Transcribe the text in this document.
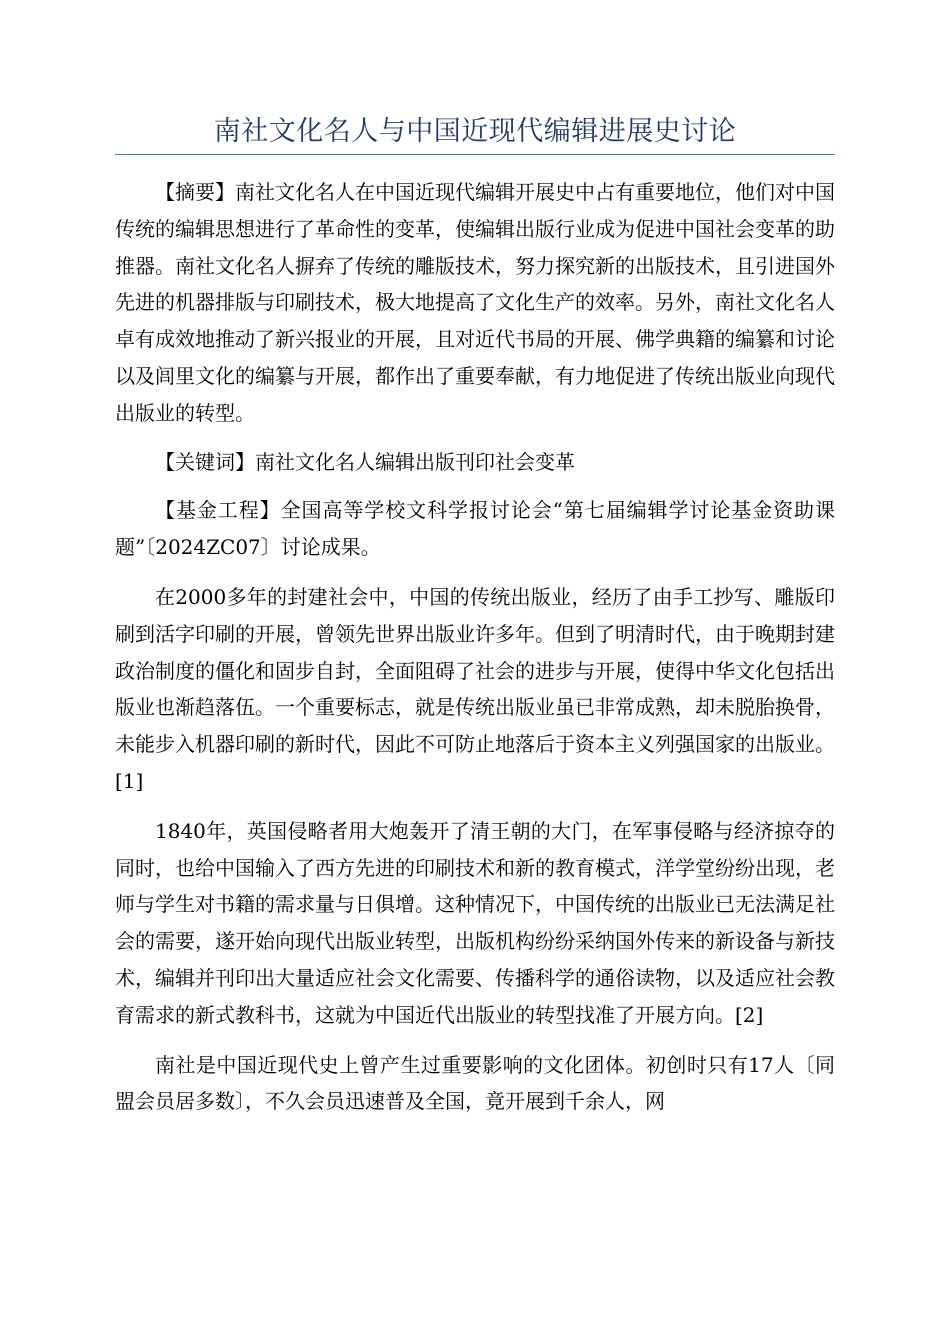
南社文化名人与中国近现代编辑进展史讨论

【摘要】南社文化名人在中国近现代编辑开展史中占有重要地位，他们对中国传统的编辑思想进行了革命性的变革，使编辑出版行业成为促进中国社会变革的助推器。南社文化名人摒弃了传统的雕版技术，努力探究新的出版技术，且引进国外先进的机器排版与印刷技术，极大地提高了文化生产的效率。另外，南社文化名人卓有成效地推动了新兴报业的开展，且对近代书局的开展、佛学典籍的编纂和讨论以及闾里文化的编纂与开展，都作出了重要奉献，有力地促进了传统出版业向现代出版业的转型。

【关键词】南社文化名人编辑出版刊印社会变革

【基金工程】全国高等学校文科学报讨论会“第七届编辑学讨论基金资助课题”〔2024ZC07〕讨论成果。

在2000多年的封建社会中，中国的传统出版业，经历了由手工抄写、雕版印刷到活字印刷的开展，曾领先世界出版业许多年。但到了明清时代，由于晚期封建政治制度的僵化和固步自封，全面阻碍了社会的进步与开展，使得中华文化包括出版业也渐趋落伍。一个重要标志，就是传统出版业虽已非常成熟，却未脱胎换骨，未能步入机器印刷的新时代，因此不可防止地落后于资本主义列强国家的出版业。[1]

1840年，英国侵略者用大炮轰开了清王朝的大门，在军事侵略与经济掠夺的同时，也给中国输入了西方先进的印刷技术和新的教育模式，洋学堂纷纷出现，老师与学生对书籍的需求量与日俱增。这种情况下，中国传统的出版业已无法满足社会的需要，遂开始向现代出版业转型，出版机构纷纷采纳国外传来的新设备与新技术，编辑并刊印出大量适应社会文化需要、传播科学的通俗读物，以及适应社会教育需求的新式教科书，这就为中国近代出版业的转型找准了开展方向。[2]

南社是中国近现代史上曾产生过重要影响的文化团体。初创时只有17人〔同盟会员居多数〕，不久会员迅速普及全国，竟开展到千余人，网
